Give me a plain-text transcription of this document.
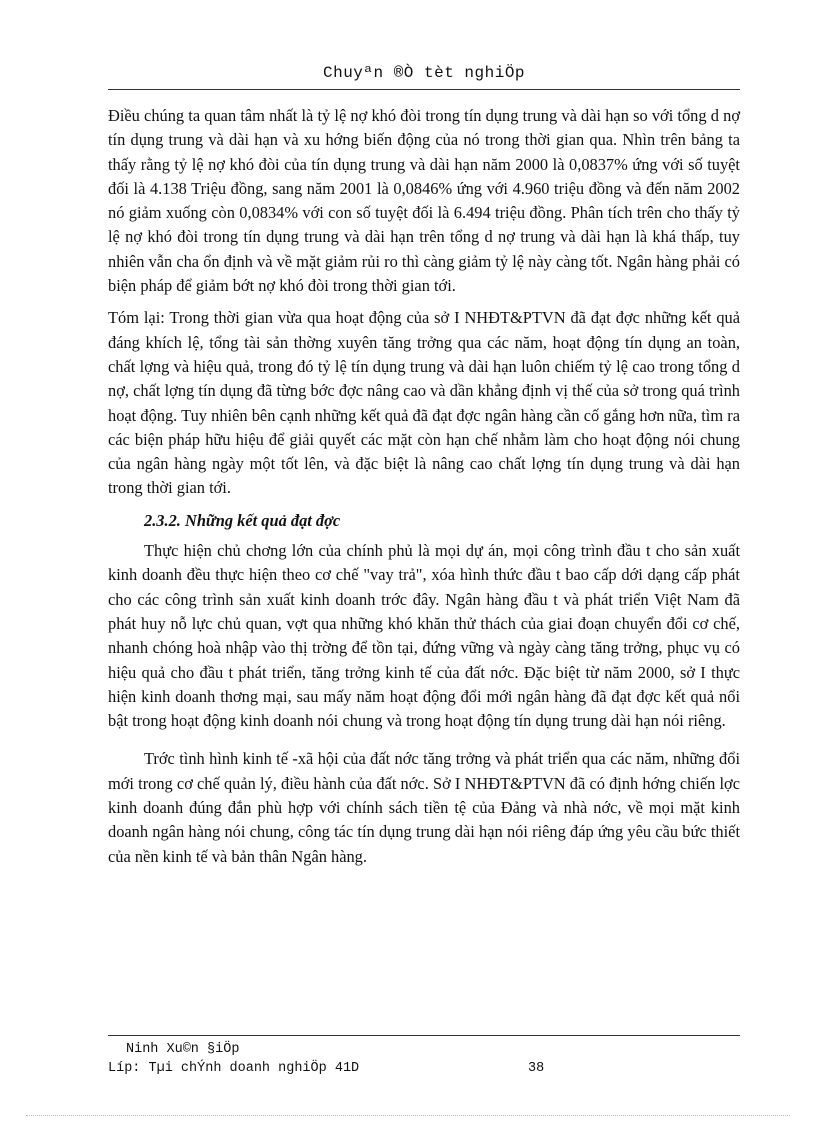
Chuyªn ®Ò tèt nghiÖp

Điều chúng ta quan tâm nhất là tỷ lệ nợ khó đòi trong tín dụng trung và dài hạn so với tổng d nợ tín dụng trung và dài hạn và xu hớng biến động của nó trong thời gian qua. Nhìn trên bảng ta thấy rằng tỷ lệ nợ khó đòi của tín dụng trung và dài hạn năm 2000 là 0,0837% ứng với số tuyệt đối là 4.138 Triệu đồng, sang năm 2001 là 0,0846% ứng với 4.960 triệu đồng và đến năm 2002 nó giảm xuống còn 0,0834% với con số tuyệt đối là 6.494 triệu đồng. Phân tích trên cho thấy tỷ lệ nợ khó đòi trong tín dụng trung và dài hạn trên tổng d nợ trung và dài hạn là khá thấp, tuy nhiên vẫn cha ổn định và về mặt giảm rủi ro thì càng giảm tỷ lệ này càng tốt. Ngân hàng phải có biện pháp để giảm bớt nợ khó đòi trong thời gian tới.

Tóm lại: Trong thời gian vừa qua hoạt động của sở I NHĐT&PTVN đã đạt đợc những kết quả đáng khích lệ, tổng tài sản thờng xuyên tăng trởng qua các năm, hoạt động tín dụng an toàn, chất lợng và hiệu quả, trong đó tỷ lệ tín dụng trung và dài hạn luôn chiếm tỷ lệ cao trong tổng d nợ, chất lợng tín dụng đã từng bớc đợc nâng cao và dần khẳng định vị thế của sở trong quá trình hoạt động. Tuy nhiên bên cạnh những kết quả đã đạt đợc ngân hàng cần cố gắng hơn nữa, tìm ra các biện pháp hữu hiệu để giải quyết các mặt còn hạn chế nhằm làm cho hoạt động nói chung của ngân hàng ngày một tốt lên, và đặc biệt là nâng cao chất lợng tín dụng trung và dài hạn trong thời gian tới.

2.3.2. Những kết quả đạt đợc

Thực hiện chủ chơng lớn của chính phủ là mọi dự án, mọi công trình đầu t cho sản xuất kinh doanh đều thực hiện theo cơ chế "vay trả", xóa hình thức đầu t bao cấp dới dạng cấp phát cho các công trình sản xuất kinh doanh trớc đây. Ngân hàng đầu t và phát triển Việt Nam đã phát huy nỗ lực chủ quan, vợt qua những khó khăn thử thách của giai đoạn chuyển đổi cơ chế, nhanh chóng hoà nhập vào thị trờng để tồn tại, đứng vững và ngày càng tăng trởng, phục vụ có hiệu quả cho đầu t phát triển, tăng trởng kinh tế của đất nớc. Đặc biệt từ năm 2000, sở I thực hiện kinh doanh thơng mại, sau mấy năm hoạt động đổi mới ngân hàng đã đạt đợc kết quả nổi bật trong hoạt động kinh doanh nói chung và trong hoạt động tín dụng trung dài hạn nói riêng.

Trớc tình hình kinh tế -xã hội của đất nớc tăng trởng và phát triển qua các năm, những đổi mới trong cơ chế quản lý, điều hành của đất nớc. Sở I NHĐT&PTVN đã có định hớng chiến lợc kinh doanh đúng đắn phù hợp với chính sách tiền tệ của Đảng và nhà nớc, về mọi mặt kinh doanh ngân hàng nói chung, công tác tín dụng trung dài hạn nói riêng đáp ứng yêu cầu bức thiết của nền kinh tế và bản thân Ngân hàng.

Ninh Xu©n §iÖp
Líp: Tµi chÝnh doanh nghiÖp 41D	38
